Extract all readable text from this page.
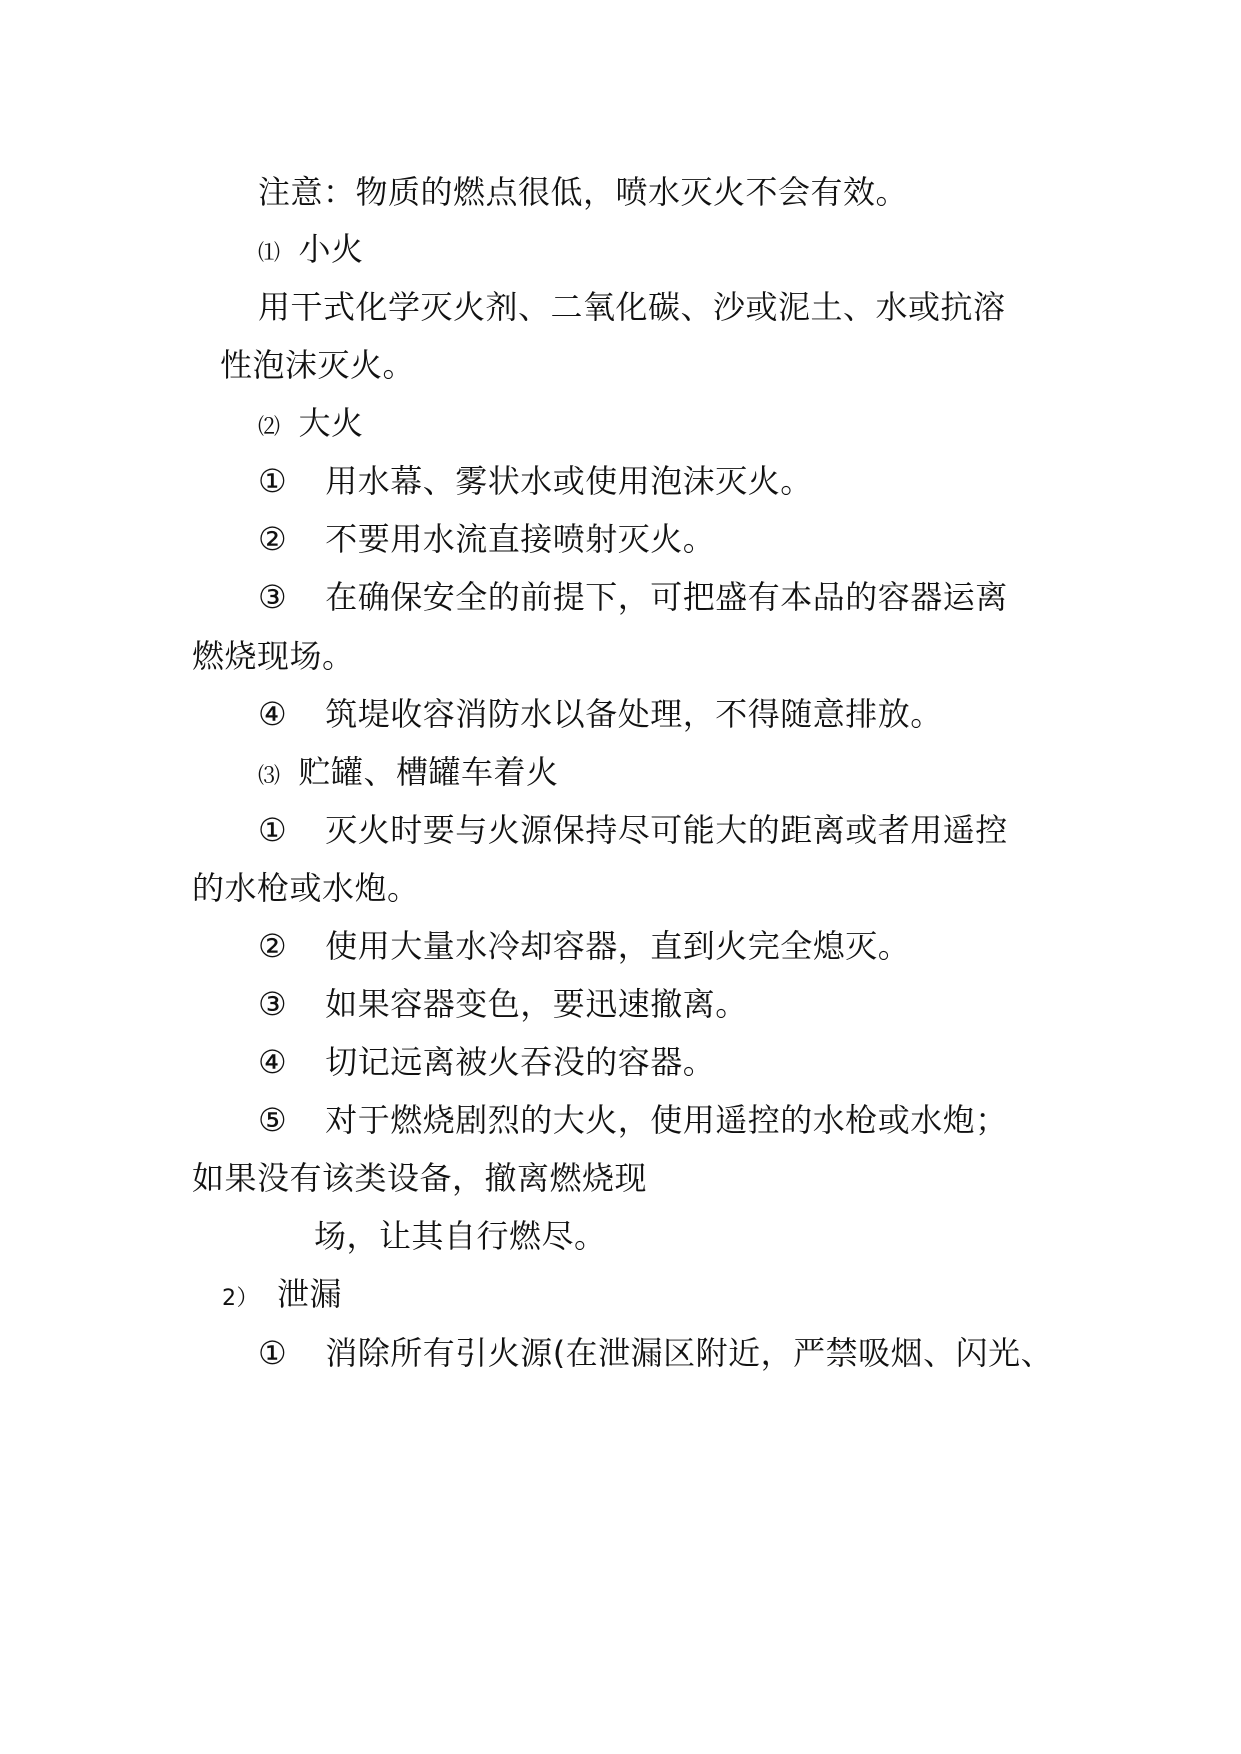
注意：物质的燃点很低，喷水灭火不会有效。
⑴ 小火
用干式化学灭火剂、二氧化碳、沙或泥土、水或抗溶
性泡沫灭火。
⑵ 大火
① 用水幕、雾状水或使用泡沫灭火。
② 不要用水流直接喷射灭火。
③ 在确保安全的前提下，可把盛有本品的容器运离
燃烧现场。
④ 筑堤收容消防水以备处理，不得随意排放。
⑶ 贮罐、槽罐车着火
① 灭火时要与火源保持尽可能大的距离或者用遥控
的水枪或水炮。
② 使用大量水冷却容器，直到火完全熄灭。
③ 如果容器变色，要迅速撤离。
④ 切记远离被火吞没的容器。
⑤ 对于燃烧剧烈的大火，使用遥控的水枪或水炮；
如果没有该类设备，撤离燃烧现
场，让其自行燃尽。
2） 泄漏
① 消除所有引火源(在泄漏区附近，严禁吸烟、闪光、
